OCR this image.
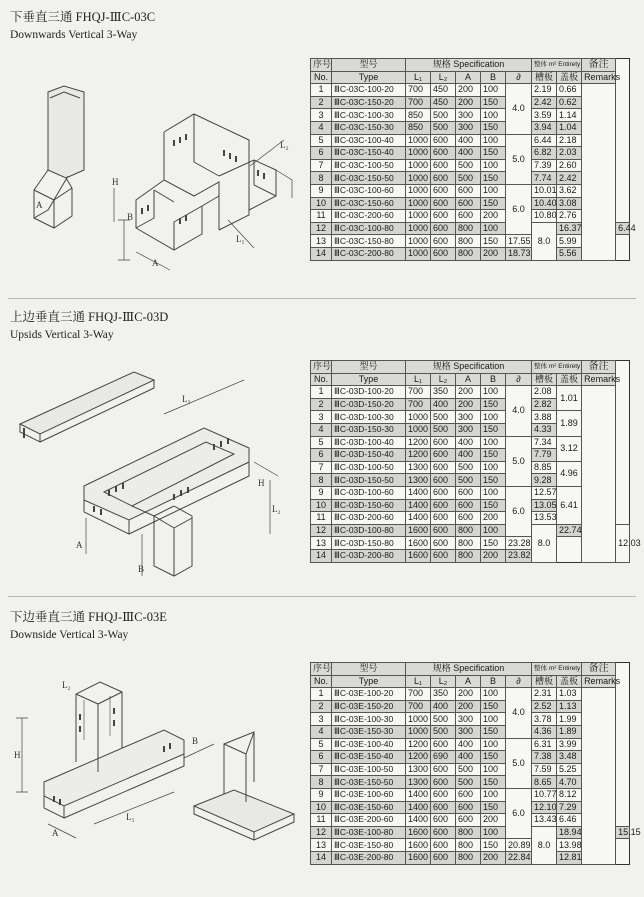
下垂直三通 FHQJ-ⅢC-03C
Downwards Vertical 3-Way
B
H
A
L₁
L₂
A
序号	型号	规格 Specification					整体 m² Entirety		备注	
No.	Type	L₁	L₂	A	B	∂	槽板	盖板	Remarks	
1	ⅢC-03C-100-20	700	450	200	100	4.0	2.19	0.66		
2	ⅢC-03C-150-20	700	450	200	150		2.42	0.62		
3	ⅢC-03C-100-30	850	500	300	100		3.59	1.14		
4	ⅢC-03C-150-30	850	500	300	150		3.94	1.04		
5	ⅢC-03C-100-40	1000	600	400	100	5.0	6.44	2.18		
6	ⅢC-03C-150-40	1000	600	400	150		6.82	2.03		
7	ⅢC-03C-100-50	1000	600	500	100		7.39	2.60		
8	ⅢC-03C-150-50	1000	600	500	150		7.74	2.42		
9	ⅢC-03C-100-60	1000	600	600	100	6.0	10.01	3.62		
10	ⅢC-03C-150-60	1000	600	600	150		10.40	3.08		
11	ⅢC-03C-200-60	1000	600	600	200		10.80	2.76		
12	ⅢC-03C-100-80	1000	600	800	100		8.0	16.37		6.44
13	ⅢC-03C-150-80	1000	600	800	150	17.55		5.99		
14	ⅢC-03C-200-80	1000	600	800	200	18.73		5.56		
上边垂直三通 FHQJ-ⅢC-03D
Upsids Vertical 3-Way
A
B
L₁
L₂
H
序号	型号	规格 Specification					整体 m² Entirety		备注	
No.	Type	L₁	L₂	A	B	∂	槽板	盖板	Remarks	
1	ⅢC-03D-100-20	700	350	200	100	4.0	2.08	1.01		
2	ⅢC-03D-150-20	700	400	200	150		2.82			
3	ⅢC-03D-100-30	1000	500	300	100		3.88	1.89		
4	ⅢC-03D-150-30	1000	500	300	150		4.33			
5	ⅢC-03D-100-40	1200	600	400	100	5.0	7.34	3.12		
6	ⅢC-03D-150-40	1200	600	400	150		7.79			
7	ⅢC-03D-100-50	1300	600	500	100		8.85	4.96		
8	ⅢC-03D-150-50	1300	600	500	150		9.28			
9	ⅢC-03D-100-60	1400	600	600	100	6.0	12.57	6.41		
10	ⅢC-03D-150-60	1400	600	600	150		13.05			
11	ⅢC-03D-200-60	1400	600	600	200		13.53			
12	ⅢC-03D-100-80	1600	600	800	100		8.0	22.74		12.03
13	ⅢC-03D-150-80	1600	600	800	150	23.28				
14	ⅢC-03D-200-80	1600	600	800	200	23.82				
下边垂直三通 FHQJ-ⅢC-03E
Downside Vertical 3-Way
H
A
L₁
B
L₂
序号	型号	规格 Specification					整体 m² Entirety		备注	
No.	Type	L₁	L₂	A	B	∂	槽板	盖板	Remarks	
1	ⅢC-03E-100-20	700	350	200	100	4.0	2.31	1.03		
2	ⅢC-03E-150-20	700	400	200	150		2.52	1.13		
3	ⅢC-03E-100-30	1000	500	300	100		3.78	1.99		
4	ⅢC-03E-150-30	1000	500	300	150		4.36	1.89		
5	ⅢC-03E-100-40	1200	600	400	100	5.0	6.31	3.99		
6	ⅢC-03E-150-40	1200	690	400	150		7.38	3.48		
7	ⅢC-03E-100-50	1300	600	500	100		7.59	5.25		
8	ⅢC-03E-150-50	1300	600	500	150		8.65	4.70		
9	ⅢC-03E-100-60	1400	600	600	100	6.0	10.77	8.12		
10	ⅢC-03E-150-60	1400	600	600	150		12.10	7.29		
11	ⅢC-03E-200-60	1400	600	600	200		13.43	6.46		
12	ⅢC-03E-100-80	1600	600	800	100		8.0	18.94		15.15
13	ⅢC-03E-150-80	1600	600	800	150	20.89		13.98		
14	ⅢC-03E-200-80	1600	600	800	200	22.84		12.81		
